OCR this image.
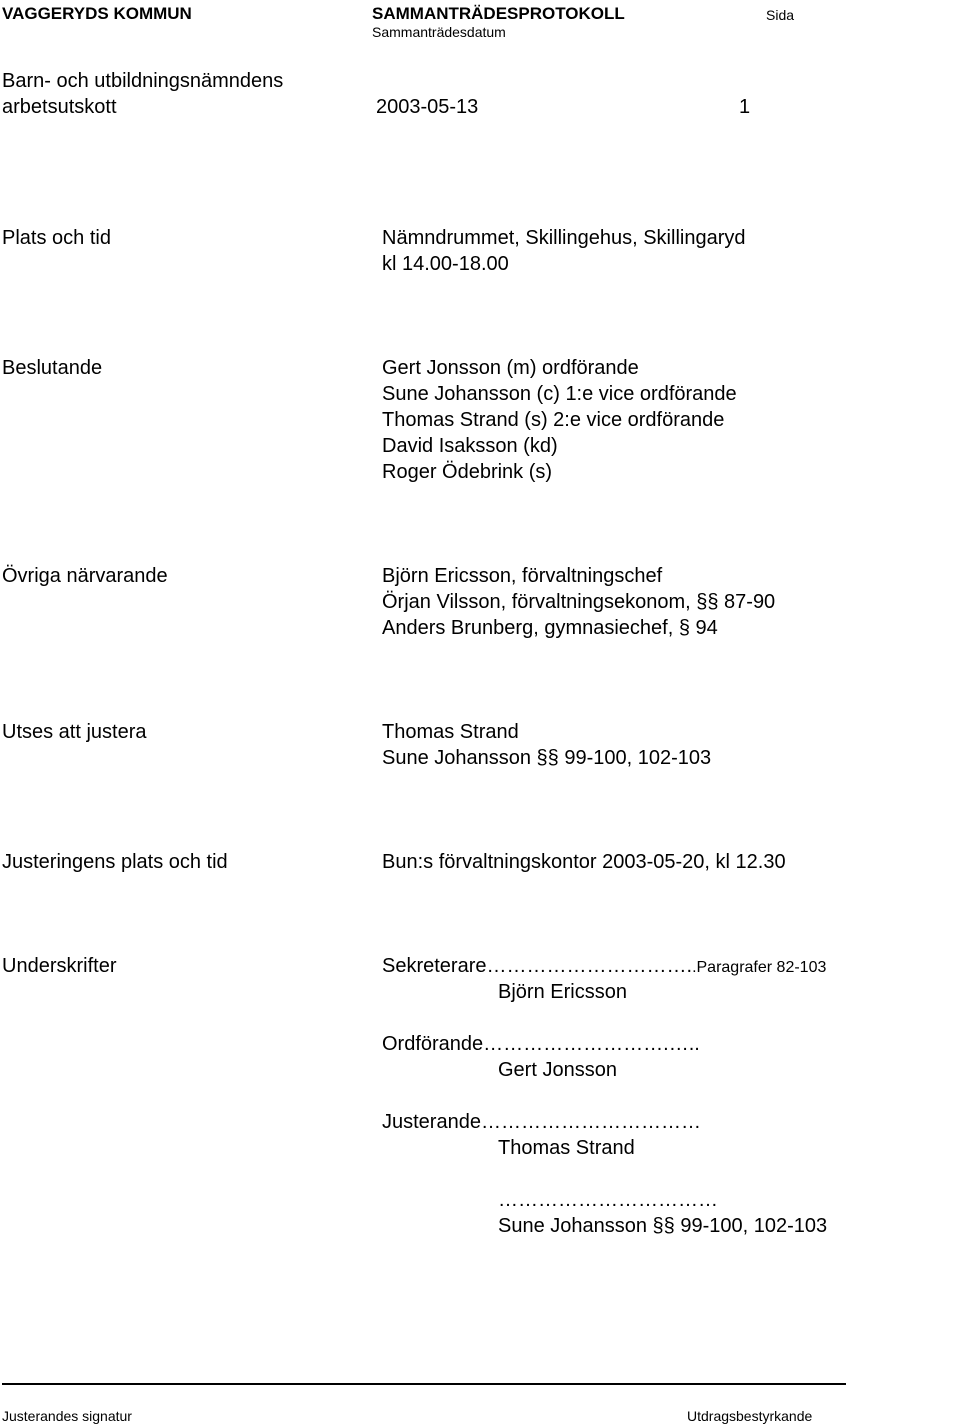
VAGGERYDS KOMMUN	SAMMANTRÄDESPROTOKOLL	Sida
Sammanträdesdatum
Barn- och utbildningsnämndens
arbetsutskott	2003-05-13	1
Plats och tid	Nämndrummet, Skillingehus, Skillingaryd
kl 14.00-18.00
Beslutande	Gert Jonsson (m) ordförande
Sune Johansson (c) 1:e vice ordförande
Thomas Strand (s) 2:e vice ordförande
David Isaksson (kd)
Roger Ödebrink (s)
Övriga närvarande	Björn Ericsson, förvaltningschef
Örjan Vilsson, förvaltningsekonom, §§ 87-90
Anders Brunberg, gymnasiechef, § 94
Utses att justera	Thomas Strand
Sune Johansson §§ 99-100, 102-103
Justeringens plats och tid	Bun:s förvaltningskontor 2003-05-20, kl 12.30
Underskrifter	Sekreterare…………………………..Paragrafer 82-103
Björn Ericsson
Ordförande……………………….…..
Gert Jonsson
Justerande……………………………
Thomas Strand
……………………………
Sune Johansson §§ 99-100, 102-103
Justerandes signatur	Utdragsbestyrkande
